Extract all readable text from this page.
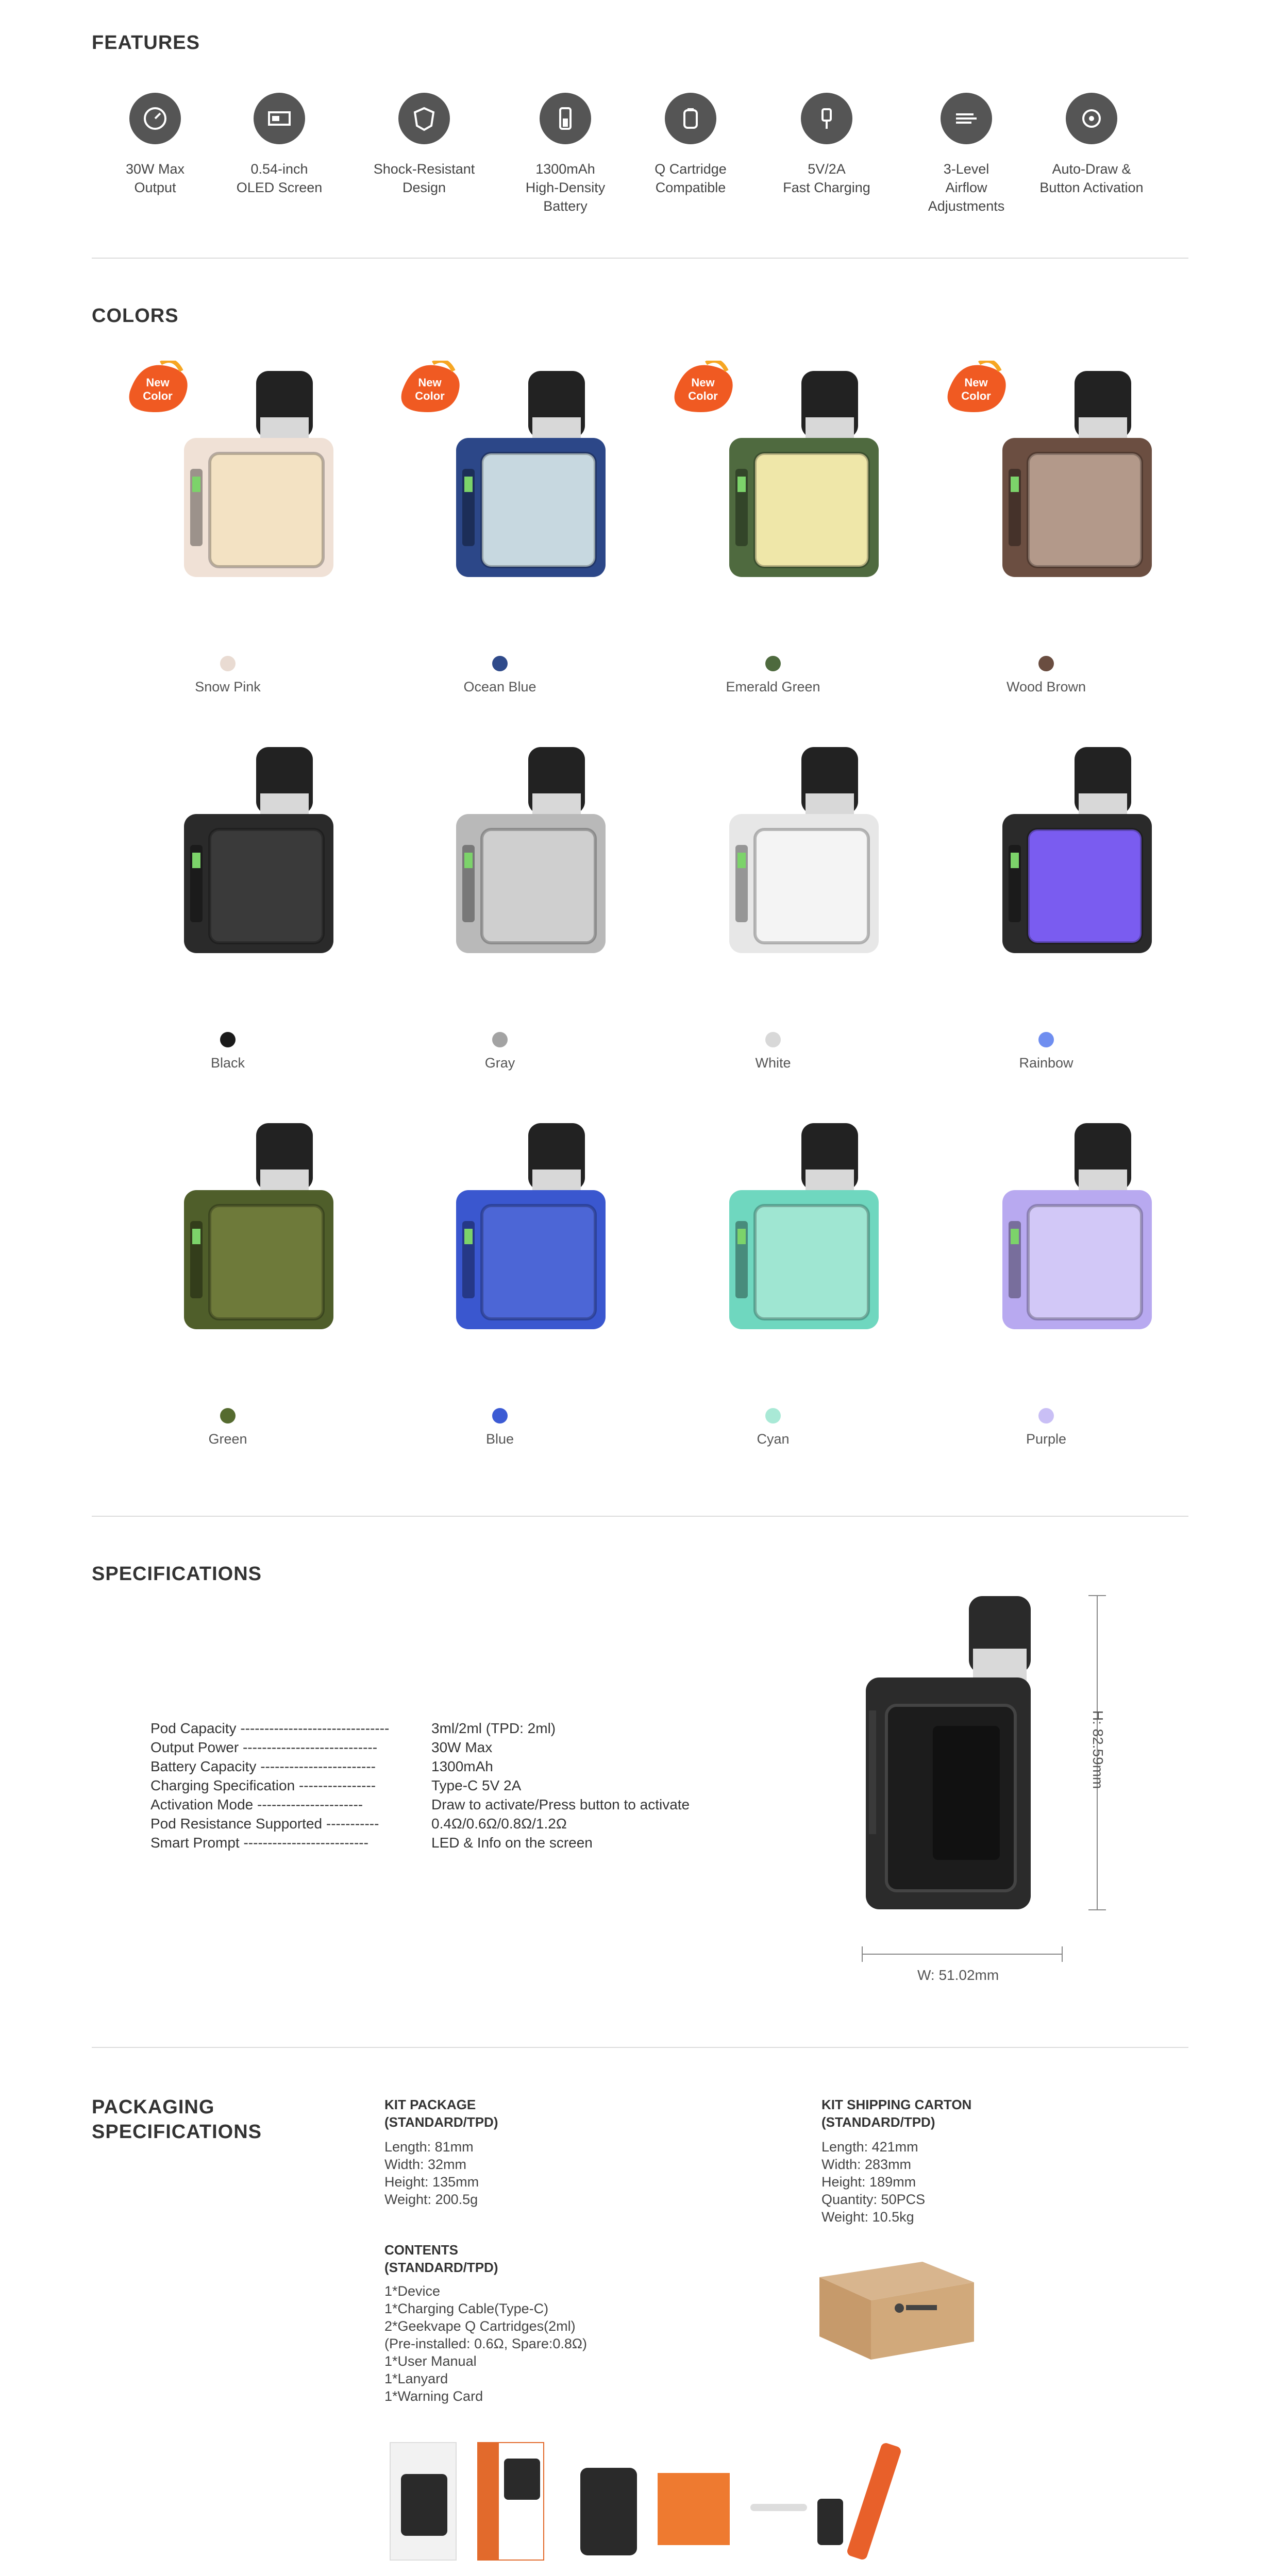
FEATURES
30W Max
Output
0.54-inch
OLED Screen
Shock-Resistant
Design
1300mAh
High-Density
Battery
Q Cartridge
Compatible
5V/2A
Fast Charging
3-Level
Airflow
Adjustments
Auto-Draw &
Button Activation
COLORS
New
Color
Snow Pink
New
Color
Ocean Blue
New
Color
Emerald Green
New
Color
Wood Brown
Black	Gray	White	Rainbow
Green	Blue	Cyan	Purple
SPECIFICATIONS
Pod Capacity -------------------------------	3ml/2ml (TPD: 2ml)
Output Power ----------------------------	30W Max
Battery Capacity ------------------------	1300mAh
Charging Specification ----------------	Type-C 5V 2A
Activation Mode ----------------------	Draw to activate/Press button to activate
Pod Resistance Supported -----------	0.4Ω/0.6Ω/0.8Ω/1.2Ω
Smart Prompt --------------------------	LED & Info on the screen
H: 82.59mm
W: 51.02mm
PACKAGING
SPECIFICATIONS
KIT PACKAGE
(STANDARD/TPD)
Length: 81mm
Width: 32mm
Height: 135mm
Weight: 200.5g
CONTENTS
(STANDARD/TPD)
1*Device
1*Charging Cable(Type-C)
2*Geekvape Q Cartridges(2ml)
(Pre-installed: 0.6Ω, Spare:0.8Ω)
1*User Manual
1*Lanyard
1*Warning Card
KIT SHIPPING CARTON
(STANDARD/TPD)
Length: 421mm
Width: 283mm
Height: 189mm
Quantity: 50PCS
Weight: 10.5kg
